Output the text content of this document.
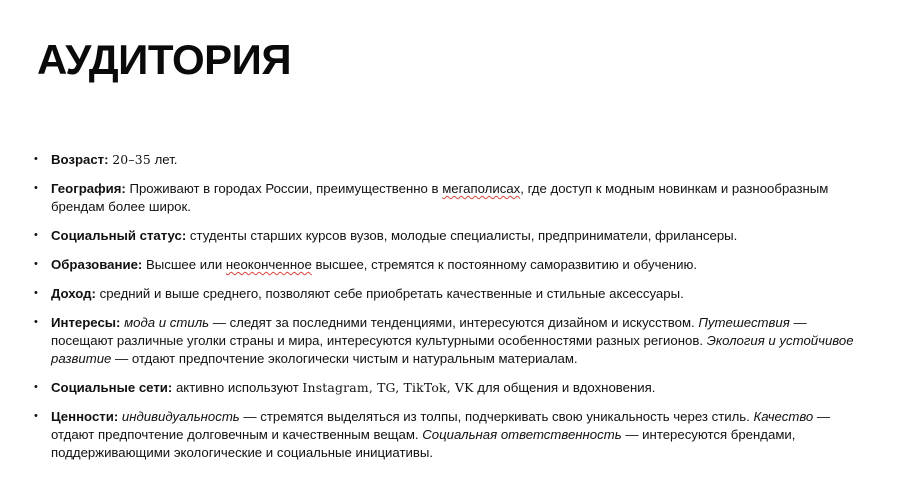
АУДИТОРИЯ
• Возраст: 20–35 лет.
• География: Проживают в городах России, преимущественно в мегаполисах, где доступ к модным новинкам и разнообразным брендам более широк.
• Социальный статус: студенты старших курсов вузов, молодые специалисты, предприниматели, фрилансеры.
• Образование: Высшее или неоконченное высшее, стремятся к постоянному саморазвитию и обучению.
• Доход: средний и выше среднего, позволяют себе приобретать качественные и стильные аксессуары.
• Интересы: мода и стиль — следят за последними тенденциями, интересуются дизайном и искусством. Путешествия — посещают различные уголки страны и мира, интересуются культурными особенностями разных регионов. Экология и устойчивое развитие — отдают предпочтение экологически чистым и натуральным материалам.
• Социальные сети: активно используют Instagram, TG, TikTok, VK для общения и вдохновения.
• Ценности: индивидуальность — стремятся выделяться из толпы, подчеркивать свою уникальность через стиль. Качество — отдают предпочтение долговечным и качественным вещам. Социальная ответственность — интересуются брендами, поддерживающими экологические и социальные инициативы.
